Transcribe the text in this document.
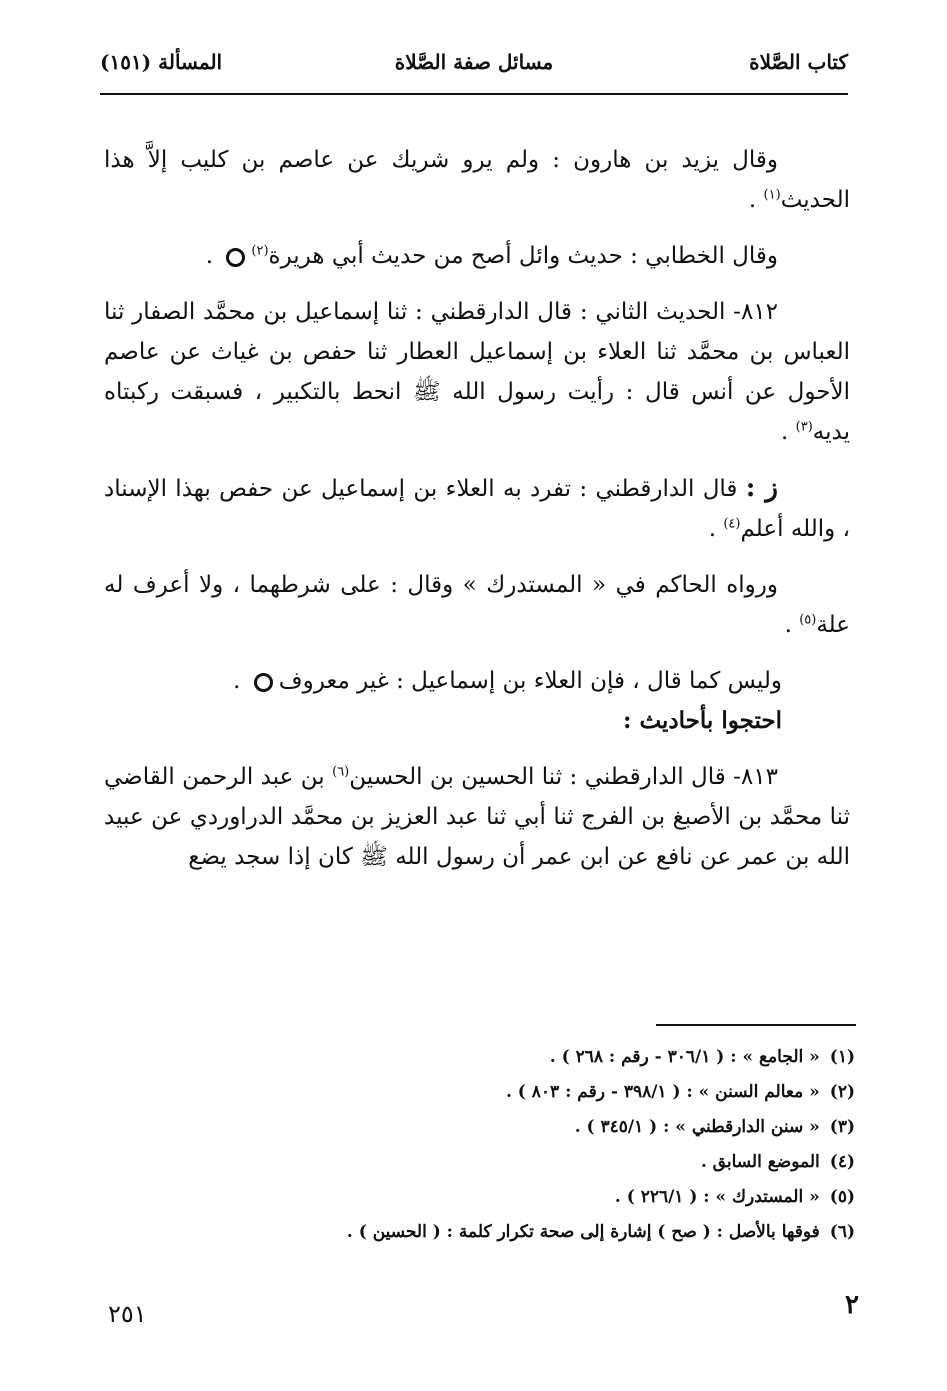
كتاب الصَّلاة
مسائل صفة الصَّلاة
المسألة (١٥١)

وقال يزيد بن هارون : ولم يرو شريك عن عاصم بن كليب إلاَّ هذا الحديث$^{(١)}$ .

وقال الخطابي : حديث وائل أصح من حديث أبي هريرة$^{(٢)}$ .

٨١٢- الحديث الثاني : قال الدارقطني : ثنا إسماعيل بن محمَّد الصفار ثنا العباس بن محمَّد ثنا العلاء بن إسماعيل العطار ثنا حفص بن غياث عن عاصم الأحول عن أنس قال : رأيت رسول الله ﷺ انحط بالتكبير ، فسبقت ركبتاه يديه$^{(٣)}$ .

ز : قال الدارقطني : تفرد به العلاء بن إسماعيل عن حفص بهذا الإسناد ، والله أعلم$^{(٤)}$ .

ورواه الحاكم في « المستدرك » وقال : على شرطهما ، ولا أعرف له علة$^{(٥)}$ .

وليس كما قال ، فإن العلاء بن إسماعيل : غير معروف .

احتجوا بأحاديث :

٨١٣- قال الدارقطني : ثنا الحسين بن الحسين$^{(٦)}$ بن عبد الرحمن القاضي ثنا محمَّد بن الأصبغ بن الفرج ثنا أبي ثنا عبد العزيز بن محمَّد الدراوردي عن عبيد الله بن عمر عن نافع عن ابن عمر أن رسول الله ﷺ كان إذا سجد يضع

(١)« الجامع » : ( ٣٠٦/١ - رقم : ٢٦٨ ) .
(٢)« معالم السنن » : ( ٣٩٨/١ - رقم : ٨٠٣ ) .
(٣)« سنن الدارقطني » : ( ٣٤٥/١ ) .
(٤)الموضع السابق .
(٥)« المستدرك » : ( ٢٢٦/١ ) .
(٦)فوقها بالأصل : ( صح ) إشارة إلى صحة تكرار كلمة : ( الحسين ) .
٢
٢٥١
